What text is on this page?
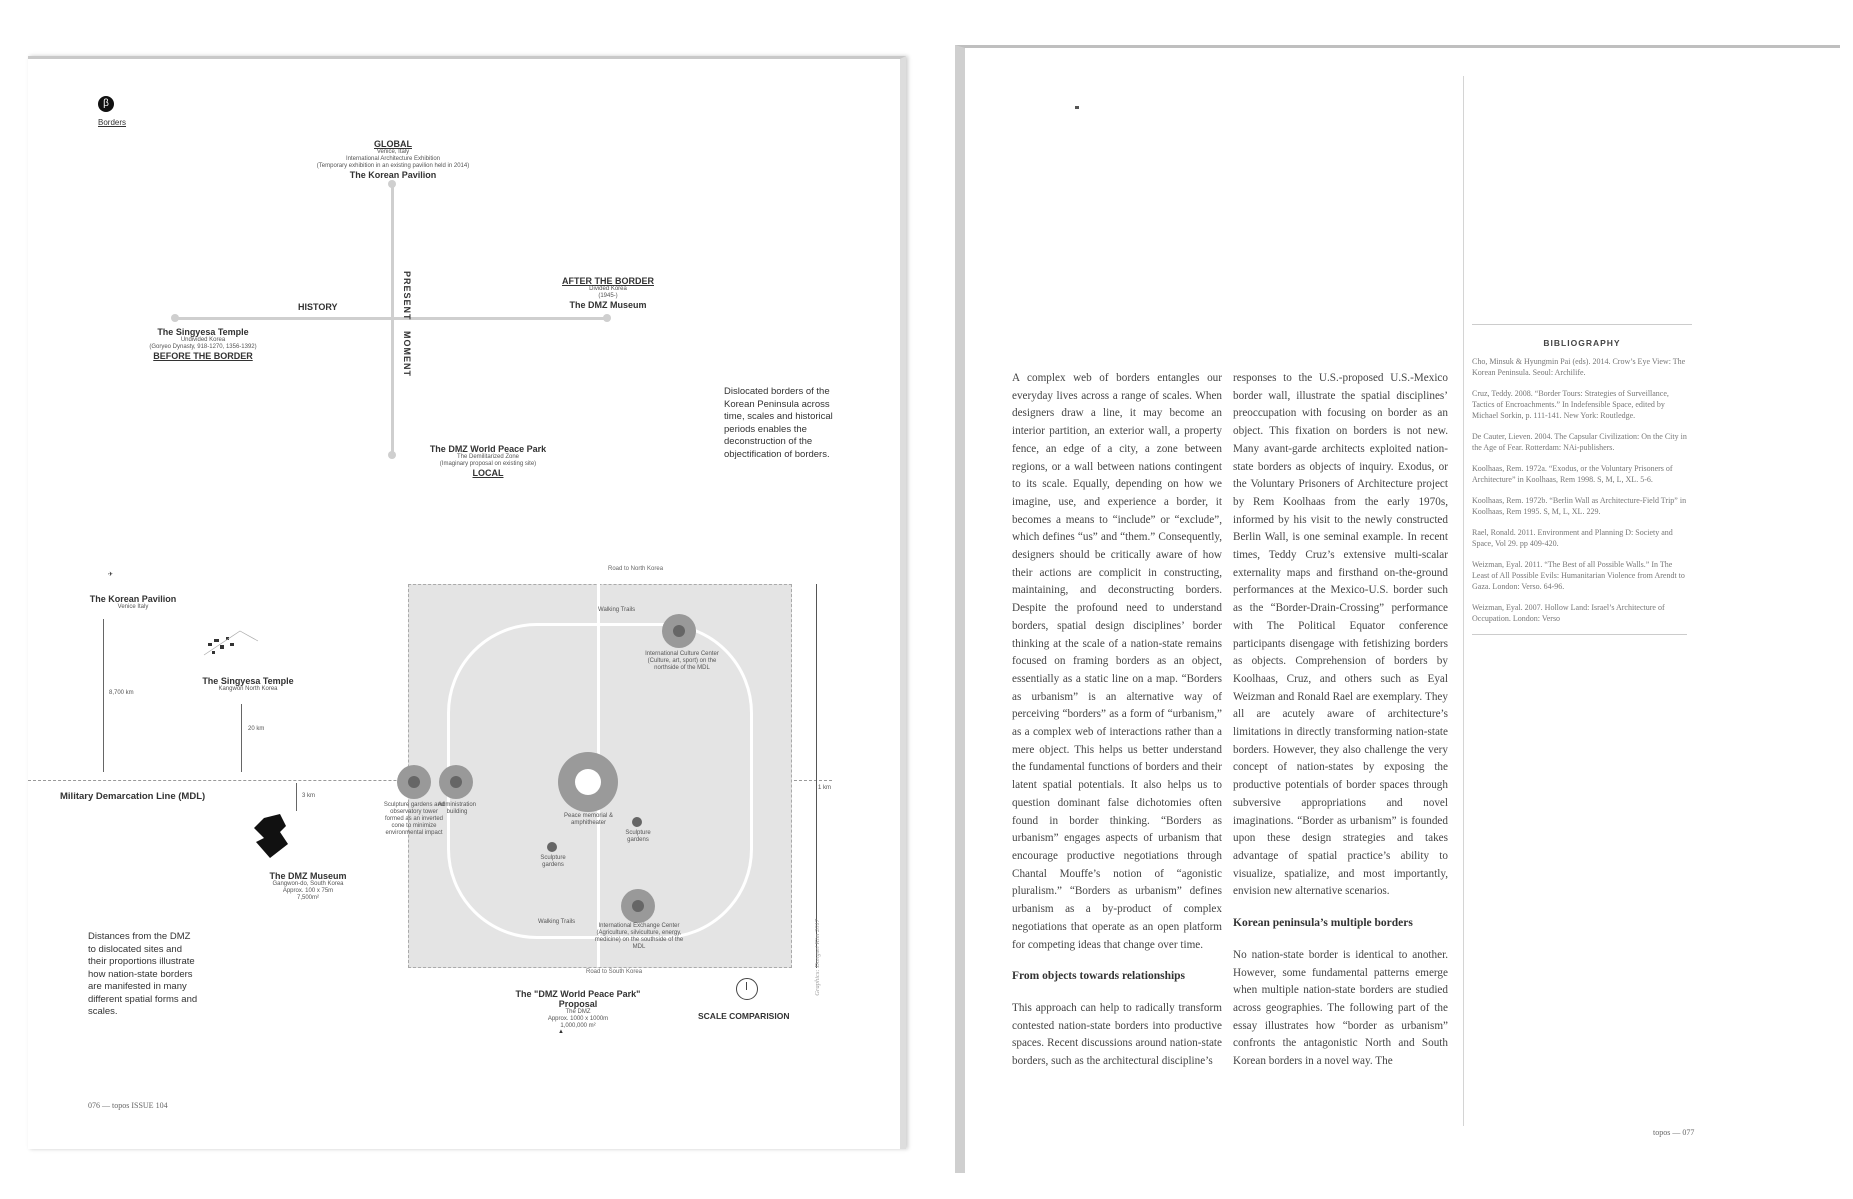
β
Borders
GLOBAL
Venice, Italy
International Architecture Exhibition
(Temporary exhibition in an existing pavilion held in 2014)
The Korean Pavilion
PRESENT
MOMENT
HISTORY
AFTER THE BORDER
Divided Korea
(1945-)
The DMZ Museum
The Singyesa Temple
Undivided Korea
(Goryeo Dynasty, 918-1270, 1356-1392)
BEFORE THE BORDER
The DMZ World Peace Park
The Demilitarized Zone
(Imaginary proposal on existing site)
LOCAL
Dislocated borders of the Korean Peninsula across time, scales and historical periods enables the deconstruction of the objectification of borders.
✈
The Korean Pavilion
Venice Italy
8,700 km
The Singyesa Temple
Kangwon North Korea
20 km
Military Demarcation Line (MDL)	3 km
The DMZ Museum
Gangwon-do, South Korea
Approx. 100 x 75m
7,500m²
Road to North Korea
Walking Trails
1 km
International Culture Center (Culture, art, sport) on the northside of the MDL
Sculpture gardens and observatory tower formed as an inverted cone to minimize environmental impact
Administration building
Peace memorial & amphitheater
Sculpture gardens
Sculpture gardens
Walking Trails
International Exchange Center (Agriculture, silviculture, energy, medicine) on the southside of the MDL
Road to South Korea	Graphics: Dongsei Kim 2017
The "DMZ World Peace Park" Proposal
The DMZ
Approx. 1000 x 1000m
1,000,000 m²
▲
SCALE COMPARISION
Distances from the DMZ to dislocated sites and their proportions illustrate how nation-state borders are manifested in many different spatial forms and scales.
076 — topos ISSUE 104

A complex web of borders entangles our everyday lives across a range of scales. When designers draw a line, it may become an interior partition, an exterior wall, a property fence, an edge of a city, a zone between regions, or a wall between nations contingent to its scale. Equally, depending on how we imagine, use, and experience a border, it becomes a means to “include” or “exclude”, which defines “us” and “them.” Consequently, designers should be critically aware of how their actions are complicit in constructing, maintaining, and deconstructing borders. Despite the profound need to understand borders, spatial design disciplines’ border thinking at the scale of a nation-state remains focused on framing borders as an object, essentially as a static line on a map. “Borders as urbanism” is an alternative way of perceiving “borders” as a form of “urbanism,” as a complex web of interactions rather than a mere object. This helps us better understand the fundamental functions of borders and their latent spatial potentials. It also helps us to question dominant false dichotomies often found in border thinking. “Borders as urbanism” engages aspects of urbanism that encourage productive negotiations through Chantal Mouffe’s notion of “agonistic pluralism.” “Borders as urbanism” defines urbanism as a by-product of complex negotiations that operate as an open platform for competing ideas that change over time.

From objects towards relationships

This approach can help to radically transform contested nation-state borders into productive spaces. Recent discussions around nation-state borders, such as the architectural discipline’s

responses to the U.S.-proposed U.S.-Mexico border wall, illustrate the spatial disciplines’ preoccupation with focusing on border as an object. This fixation on borders is not new. Many avant-garde architects exploited nation-state borders as objects of inquiry. Exodus, or the Voluntary Prisoners of Architecture project by Rem Koolhaas from the early 1970s, informed by his visit to the newly constructed Berlin Wall, is one seminal example. In recent times, Teddy Cruz’s extensive multi-scalar externality maps and firsthand on-the-ground performances at the Mexico-U.S. border such as the “Border-Drain-Crossing” performance with The Political Equator conference participants disengage with fetishizing borders as objects. Comprehension of borders by Koolhaas, Cruz, and others such as Eyal Weizman and Ronald Rael are exemplary. They all are acutely aware of architecture’s limitations in directly transforming nation-state borders. However, they also challenge the very concept of nation-states by exposing the productive potentials of border spaces through subversive appropriations and novel imaginations. “Border as urbanism” is founded upon these design strategies and takes advantage of spatial practice’s ability to visualize, spatialize, and most importantly, envision new alternative scenarios.

Korean peninsula’s multiple borders

No nation-state border is identical to another. However, some fundamental patterns emerge when multiple nation-state borders are studied across geographies. The following part of the essay illustrates how “border as urbanism” confronts the antagonistic North and South Korean borders in a novel way. The

BIBLIOGRAPHY

Cho, Minsuk & Hyungmin Pai (eds). 2014. Crow’s Eye View: The Korean Peninsula. Seoul: Archilife.

Cruz, Teddy. 2008. “Border Tours: Strategies of Surveillance, Tactics of Encroachments.” In Indefensible Space, edited by Michael Sorkin, p. 111-141. New York: Routledge.

De Cauter, Lieven. 2004. The Capsular Civilization: On the City in the Age of Fear. Rotterdam: NAi-publishers.

Koolhaas, Rem. 1972a. “Exodus, or the Voluntary Prisoners of Architecture” in Koolhaas, Rem 1998. S, M, L, XL. 5-6.

Koolhaas, Rem. 1972b. “Berlin Wall as Architecture-Field Trip” in Koolhaas, Rem 1995. S, M, L, XL. 229.

Rael, Ronald. 2011. Environment and Planning D: Society and Space, Vol 29. pp 409-420.

Weizman, Eyal. 2011. “The Best of all Possible Walls.” In The Least of All Possible Evils: Humanitarian Violence from Arendt to Gaza. London: Verso. 64-96.

Weizman, Eyal. 2007. Hollow Land: Israel’s Architecture of Occupation. London: Verso

topos — 077
